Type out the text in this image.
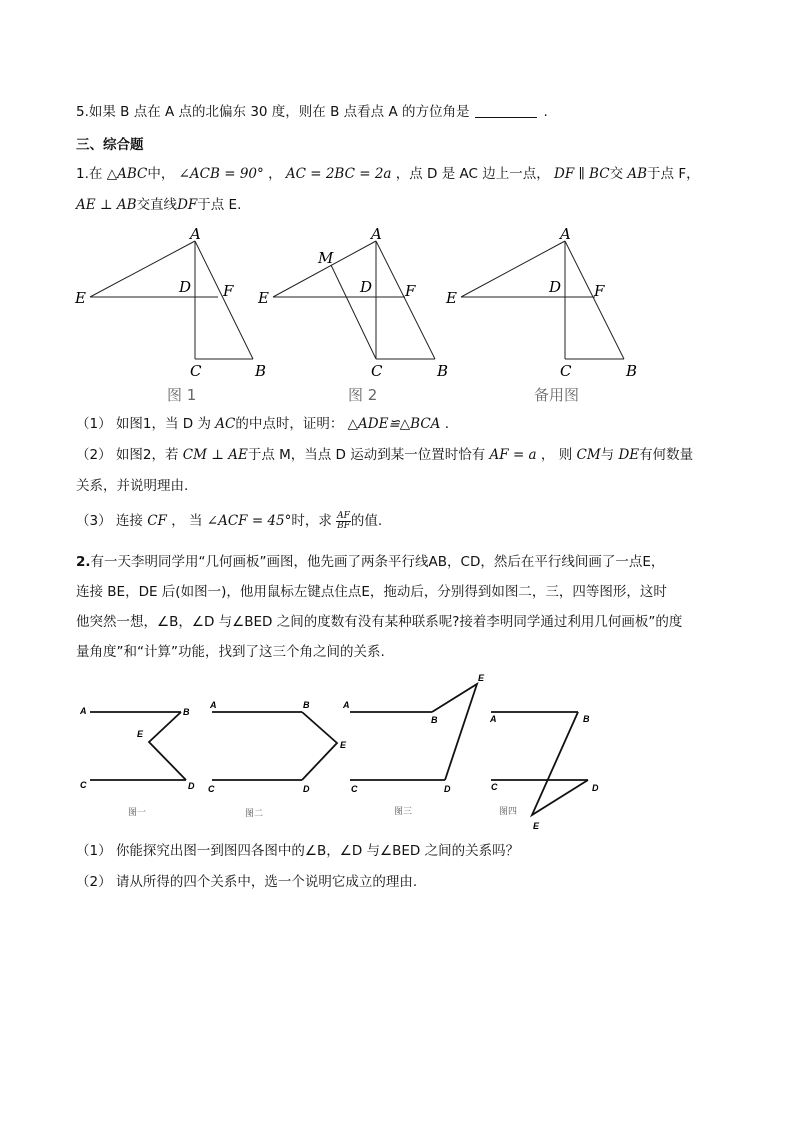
5.如果 B 点在 A 点的北偏东 30 度，则在 B 点看点 A 的方位角是	.
三、综合题
1.在 △ABC中， ∠ACB = 90° ， AC = 2BC = 2a ，点 D 是 AC 边上一点， DF ∥ BC交 AB于点 F，
AE ⊥ AB交直线DF于点 E.
A
E
D F
C	B
图 1
A
M
E
D F
C	B
图 2
A
E
D F
C	B
备用图
（1） 如图1，当 D 为 AC的中点时，证明： △ADE≌△BCA .
（2） 如图2，若 CM ⊥ AE于点 M，当点 D 运动到某一位置时恰有 AF = a ， 则 CM与 DE有何数量
关系，并说明理由.
（3） 连接 CF ， 当 ∠ACF = 45°时，求 $\frac{AF}{BF}$ 的值.
2.有一天李明同学用“几何画板”画图，他先画了两条平行线AB，CD，然后在平行线间画了一点E，
连接 BE，DE 后(如图一)，他用鼠标左键点住点E，拖动后，分别得到如图二，三，四等图形，这时
他突然一想，∠B，∠D 与∠BED 之间的度数有没有某种联系呢?接着李明同学通过利用几何画板”的度
量角度”和“计算”功能，找到了这三个角之间的关系.
A	B
E
C	D
图一
A	B
E
C	D
图二
A
B
E
C	D
图三
A	B
C	D
E
图四
（1） 你能探究出图一到图四各图中的∠B，∠D 与∠BED 之间的关系吗？
（2） 请从所得的四个关系中，选一个说明它成立的理由.
